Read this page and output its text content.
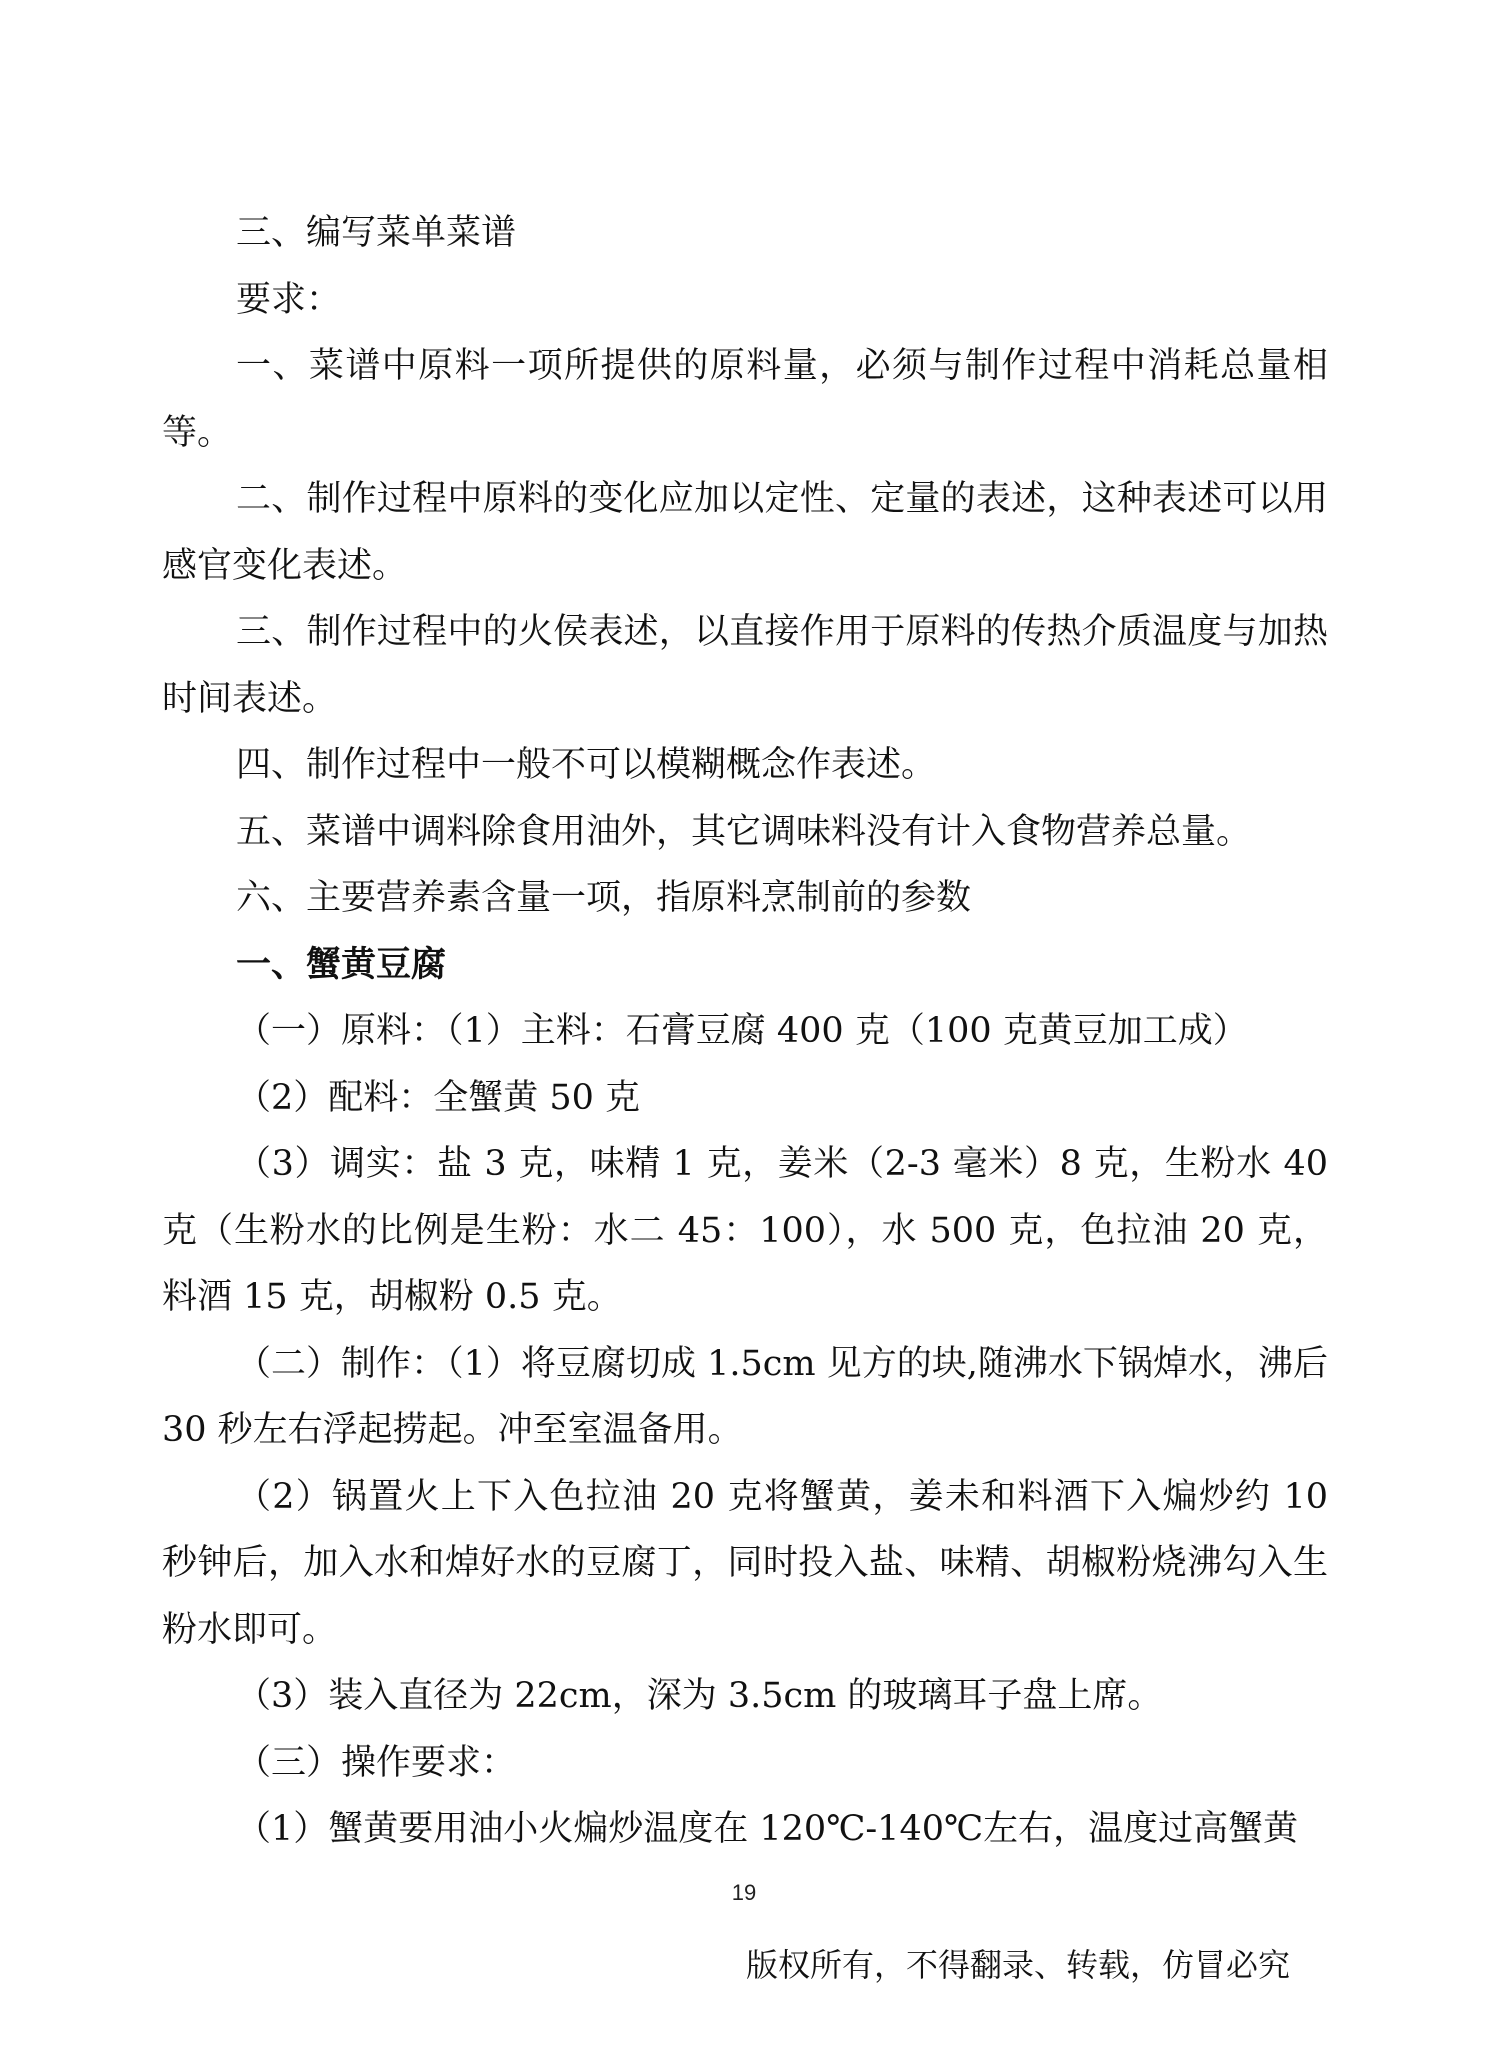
三、编写菜单菜谱

要求：

一、菜谱中原料一项所提供的原料量，必须与制作过程中消耗总量相等。

二、制作过程中原料的变化应加以定性、定量的表述，这种表述可以用感官变化表述。

三、制作过程中的火侯表述，以直接作用于原料的传热介质温度与加热时间表述。

四、制作过程中一般不可以模糊概念作表述。

五、菜谱中调料除食用油外，其它调味料没有计入食物营养总量。

六、主要营养素含量一项，指原料烹制前的参数

一、蟹黄豆腐

（一）原料：（1）主料：石膏豆腐 400 克（100 克黄豆加工成）

（2）配料：全蟹黄 50 克

（3）调实：盐 3 克，味精 1 克，姜米（2-3 毫米）8 克，生粉水 40 克（生粉水的比例是生粉：水二 45：100），水 500 克，色拉油 20 克，料酒 15 克，胡椒粉 0.5 克。

（二）制作：（1）将豆腐切成 1.5cm 见方的块,随沸水下锅焯水，沸后 30 秒左右浮起捞起。冲至室温备用。

（2）锅置火上下入色拉油 20 克将蟹黄，姜未和料酒下入煸炒约 10 秒钟后，加入水和焯好水的豆腐丁，同时投入盐、味精、胡椒粉烧沸勾入生粉水即可。

（3）装入直径为 22cm，深为 3.5cm 的玻璃耳子盘上席。

（三）操作要求：

（1）蟹黄要用油小火煸炒温度在 120℃-140℃左右，温度过高蟹黄

19
版权所有，不得翻录、转载，仿冒必究
